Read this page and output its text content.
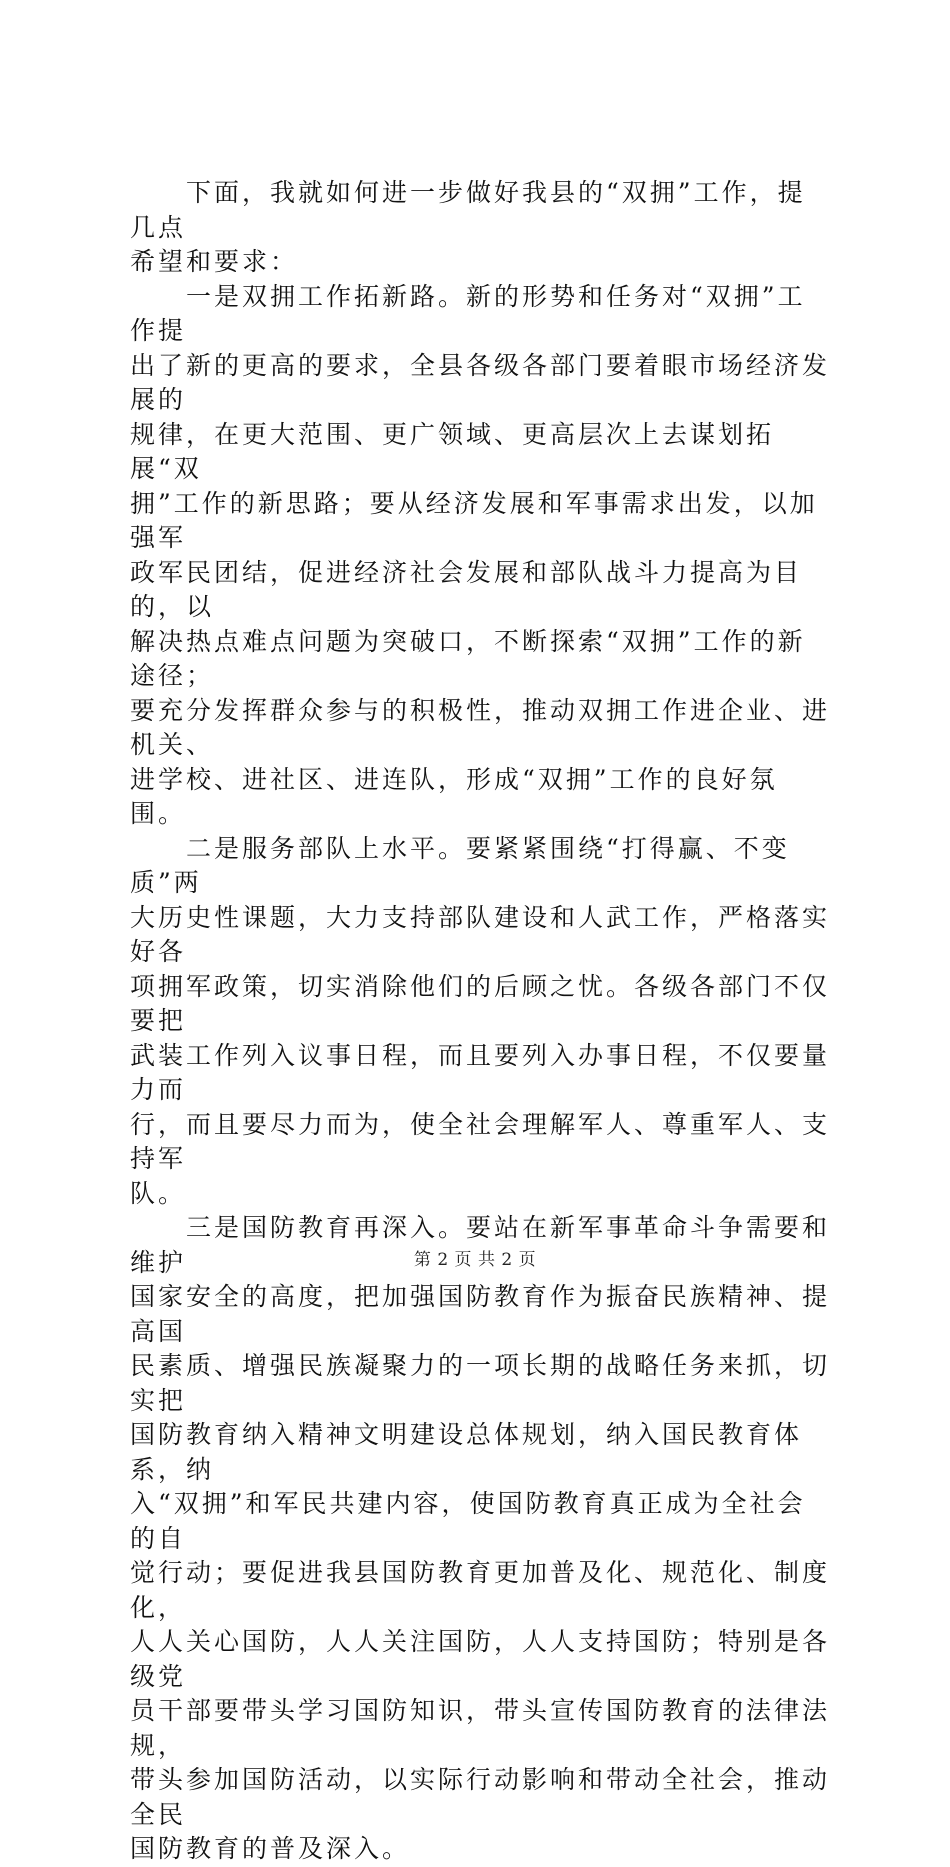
下面，我就如何进一步做好我县的“双拥”工作，提几点
希望和要求：

一是双拥工作拓新路。新的形势和任务对“双拥”工作提
出了新的更高的要求，全县各级各部门要着眼市场经济发展的
规律，在更大范围、更广领域、更高层次上去谋划拓展“双
拥”工作的新思路；要从经济发展和军事需求出发，以加强军
政军民团结，促进经济社会发展和部队战斗力提高为目的，以
解决热点难点问题为突破口，不断探索“双拥”工作的新途径；
要充分发挥群众参与的积极性，推动双拥工作进企业、进机关、
进学校、进社区、进连队，形成“双拥”工作的良好氛围。

二是服务部队上水平。要紧紧围绕“打得赢、不变质”两
大历史性课题，大力支持部队建设和人武工作，严格落实好各
项拥军政策，切实消除他们的后顾之忧。各级各部门不仅要把
武装工作列入议事日程，而且要列入办事日程，不仅要量力而
行，而且要尽力而为，使全社会理解军人、尊重军人、支持军
队。

三是国防教育再深入。要站在新军事革命斗争需要和维护
国家安全的高度，把加强国防教育作为振奋民族精神、提高国
民素质、增强民族凝聚力的一项长期的战略任务来抓，切实把
国防教育纳入精神文明建设总体规划，纳入国民教育体系，纳
入“双拥”和军民共建内容，使国防教育真正成为全社会的自
觉行动；要促进我县国防教育更加普及化、规范化、制度化，
人人关心国防，人人关注国防，人人支持国防；特别是各级党
员干部要带头学习国防知识，带头宣传国防教育的法律法规，
带头参加国防活动，以实际行动影响和带动全社会，推动全民
国防教育的普及深入。

第 2 页 共 2 页
